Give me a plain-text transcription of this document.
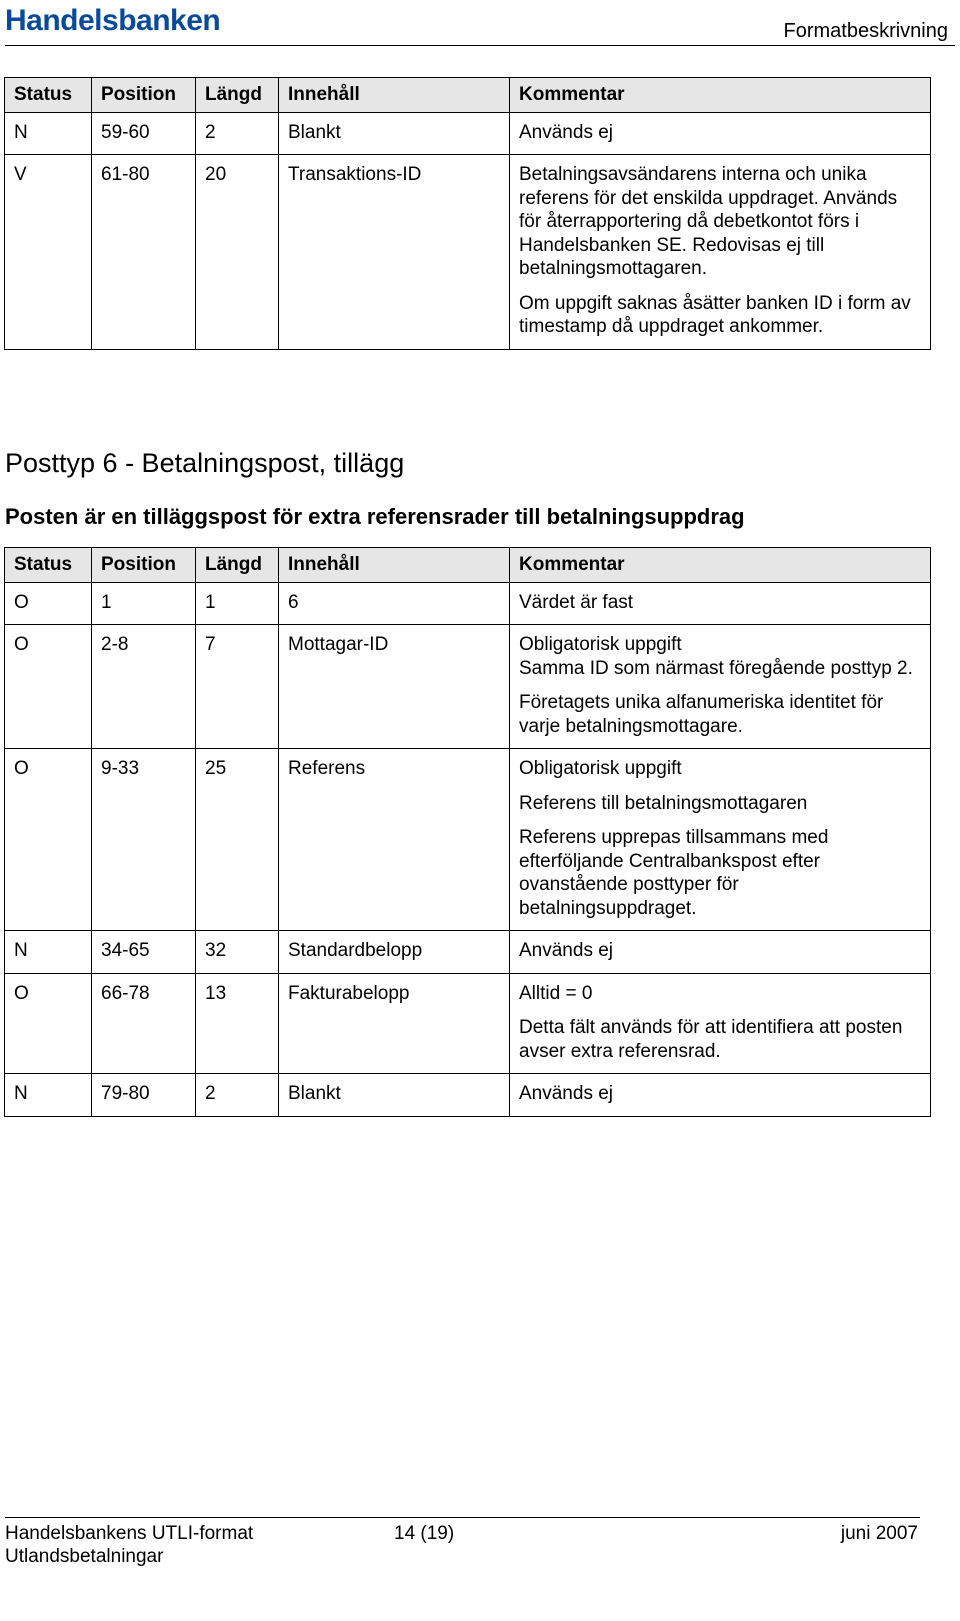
Handelsbanken	Formatbeskrivning
Status	Position	Längd	Innehåll	Kommentar
N	59-60	2	Blankt	Används ej

V	61-80	20	Transaktions-ID	Betalningsavsändarens interna och unika referens för det enskilda uppdraget. Används för återrapportering då debetkontot förs i Handelsbanken SE. Redovisas ej till betalningsmottagaren.
Om uppgift saknas åsätter banken ID i form av timestamp då uppdraget ankommer.
Posttyp 6 - Betalningspost, tillägg
Posten är en tilläggspost för extra referensrader till betalningsuppdrag
Status	Position	Längd	Innehåll	Kommentar
O	1	1	6	Värdet är fast

O	2-8	7	Mottagar-ID	Obligatorisk uppgift
Samma ID som närmast föregående posttyp 2.
Företagets unika alfanumeriska identitet för varje betalningsmottagare.

O	9-33	25	Referens	Obligatorisk uppgift
Referens till betalningsmottagaren
Referens upprepas tillsammans med efterföljande Centralbankspost efter ovanstående posttyper för betalningsuppdraget.

N	34-65	32	Standardbelopp	Används ej

O	66-78	13	Fakturabelopp	Alltid = 0
Detta fält används för att identifiera att posten avser extra referensrad.

N	79-80	2	Blankt	Används ej
Handelsbankens UTLI-format
Utlandsbetalningar
14 (19)	juni 2007
